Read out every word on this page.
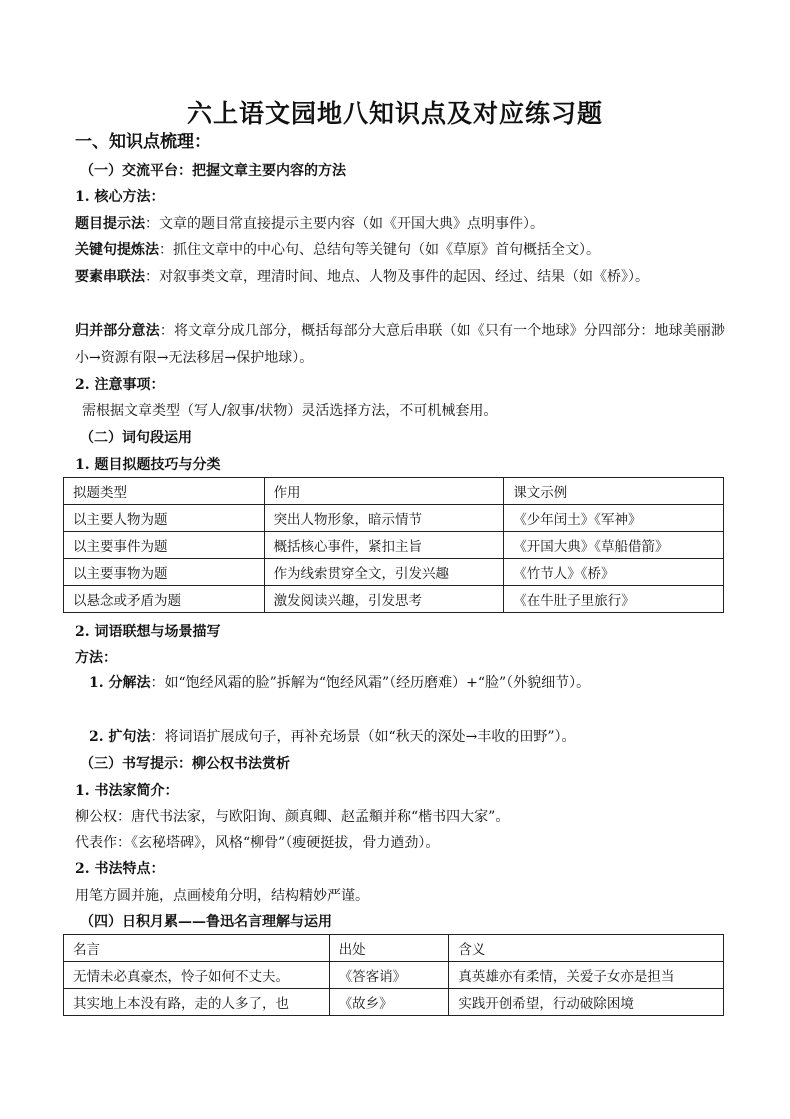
六上语文园地八知识点及对应练习题
一、知识点梳理：
（一）交流平台：把握文章主要内容的方法
1. 核心方法：
题目提示法：文章的题目常直接提示主要内容（如《开国大典》点明事件）。
关键句提炼法：抓住文章中的中心句、总结句等关键句（如《草原》首句概括全文）。
要素串联法：对叙事类文章，理清时间、地点、人物及事件的起因、经过、结果（如《桥》）。
归并部分意法：将文章分成几部分，概括每部分大意后串联（如《只有一个地球》分四部分：地球美丽渺小→资源有限→无法移居→保护地球）。
2. 注意事项：
需根据文章类型（写人/叙事/状物）灵活选择方法，不可机械套用。
（二）词句段运用
1. 题目拟题技巧与分类
拟题类型	作用	课文示例
以主要人物为题	突出人物形象，暗示情节	《少年闰土》《军神》
以主要事件为题	概括核心事件，紧扣主旨	《开国大典》《草船借箭》
以主要事物为题	作为线索贯穿全文，引发兴趣	《竹节人》《桥》
以悬念或矛盾为题	激发阅读兴趣，引发思考	《在牛肚子里旅行》
2. 词语联想与场景描写
方法：
1. 分解法：如“饱经风霜的脸”拆解为“饱经风霜”（经历磨难）+“脸”（外貌细节）。
2. 扩句法：将词语扩展成句子，再补充场景（如“秋天的深处→丰收的田野”）。
（三）书写提示：柳公权书法赏析
1. 书法家简介：
柳公权：唐代书法家，与欧阳询、颜真卿、赵孟頫并称“楷书四大家”。
代表作：《玄秘塔碑》，风格“柳骨”（瘦硬挺拔，骨力遒劲）。
2. 书法特点：
用笔方圆并施，点画棱角分明，结构精妙严谨。
（四）日积月累——鲁迅名言理解与运用
名言	出处	含义
无情未必真豪杰，怜子如何不丈夫。	《答客诮》	真英雄亦有柔情，关爱子女亦是担当
其实地上本没有路，走的人多了，也	《故乡》	实践开创希望，行动破除困境
